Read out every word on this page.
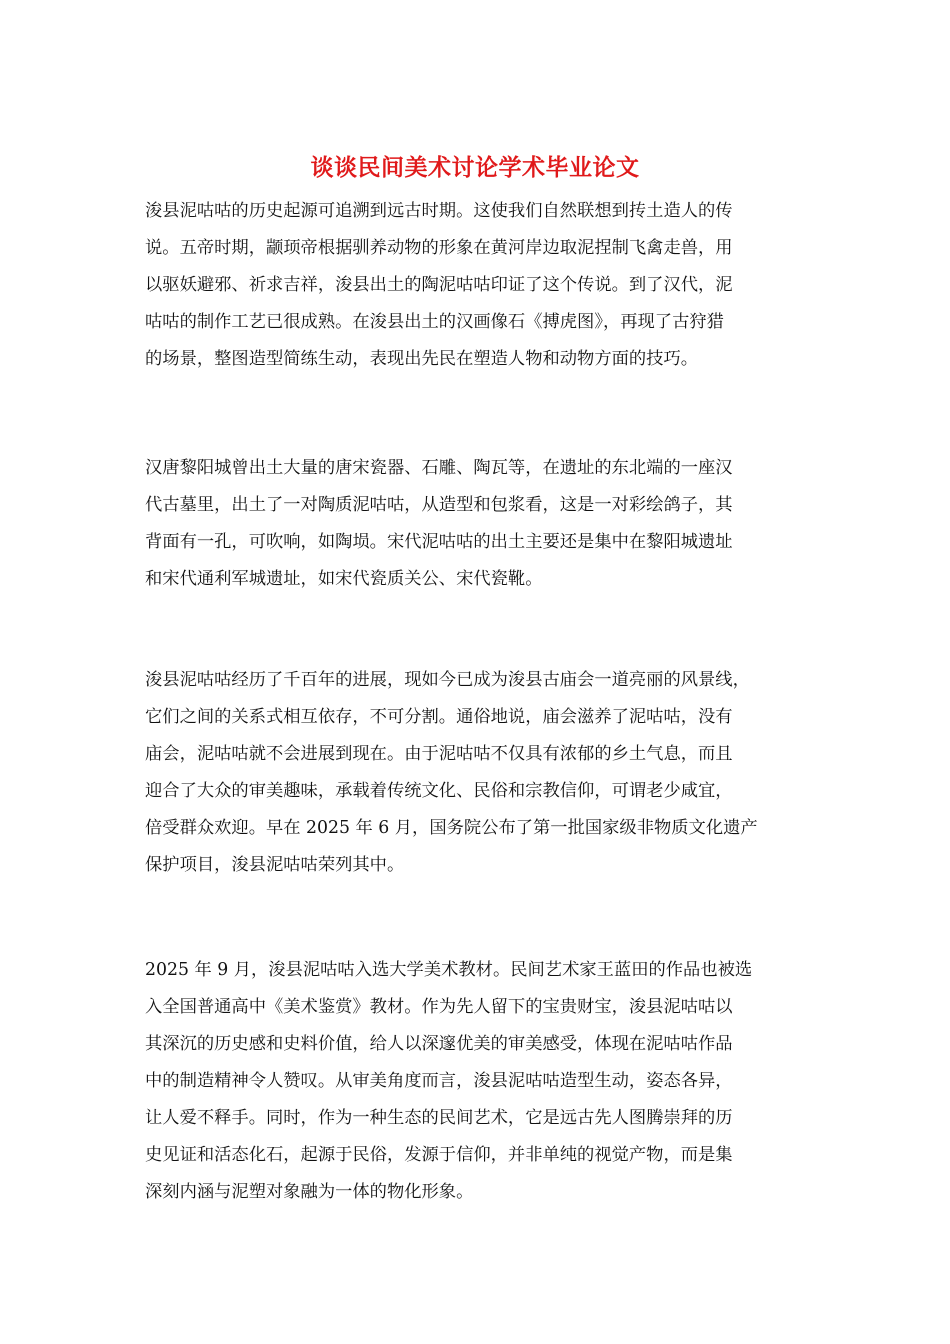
谈谈民间美术讨论学术毕业论文
浚县泥咕咕的历史起源可追溯到远古时期。这使我们自然联想到抟土造人的传
说。五帝时期，颛顼帝根据驯养动物的形象在黄河岸边取泥捏制飞禽走兽，用
以驱妖避邪、祈求吉祥，浚县出土的陶泥咕咕印证了这个传说。到了汉代，泥
咕咕的制作工艺已很成熟。在浚县出土的汉画像石《搏虎图》，再现了古狩猎
的场景，整图造型简练生动，表现出先民在塑造人物和动物方面的技巧。
汉唐黎阳城曾出土大量的唐宋瓷器、石雕、陶瓦等，在遗址的东北端的一座汉
代古墓里，出土了一对陶质泥咕咕，从造型和包浆看，这是一对彩绘鸽子，其
背面有一孔，可吹响，如陶埙。宋代泥咕咕的出土主要还是集中在黎阳城遗址
和宋代通利军城遗址，如宋代瓷质关公、宋代瓷靴。
浚县泥咕咕经历了千百年的进展，现如今已成为浚县古庙会一道亮丽的风景线，
它们之间的关系式相互依存，不可分割。通俗地说，庙会滋养了泥咕咕，没有
庙会，泥咕咕就不会进展到现在。由于泥咕咕不仅具有浓郁的乡土气息，而且
迎合了大众的审美趣味，承载着传统文化、民俗和宗教信仰，可谓老少咸宜，
倍受群众欢迎。早在 2025 年 6 月，国务院公布了第一批国家级非物质文化遗产
保护项目，浚县泥咕咕荣列其中。
2025 年 9 月，浚县泥咕咕入选大学美术教材。民间艺术家王蓝田的作品也被选
入全国普通高中《美术鉴赏》教材。作为先人留下的宝贵财宝，浚县泥咕咕以
其深沉的历史感和史料价值，给人以深邃优美的审美感受，体现在泥咕咕作品
中的制造精神令人赞叹。从审美角度而言，浚县泥咕咕造型生动，姿态各异，
让人爱不释手。同时，作为一种生态的民间艺术，它是远古先人图腾崇拜的历
史见证和活态化石，起源于民俗，发源于信仰，并非单纯的视觉产物，而是集
深刻内涵与泥塑对象融为一体的物化形象。
